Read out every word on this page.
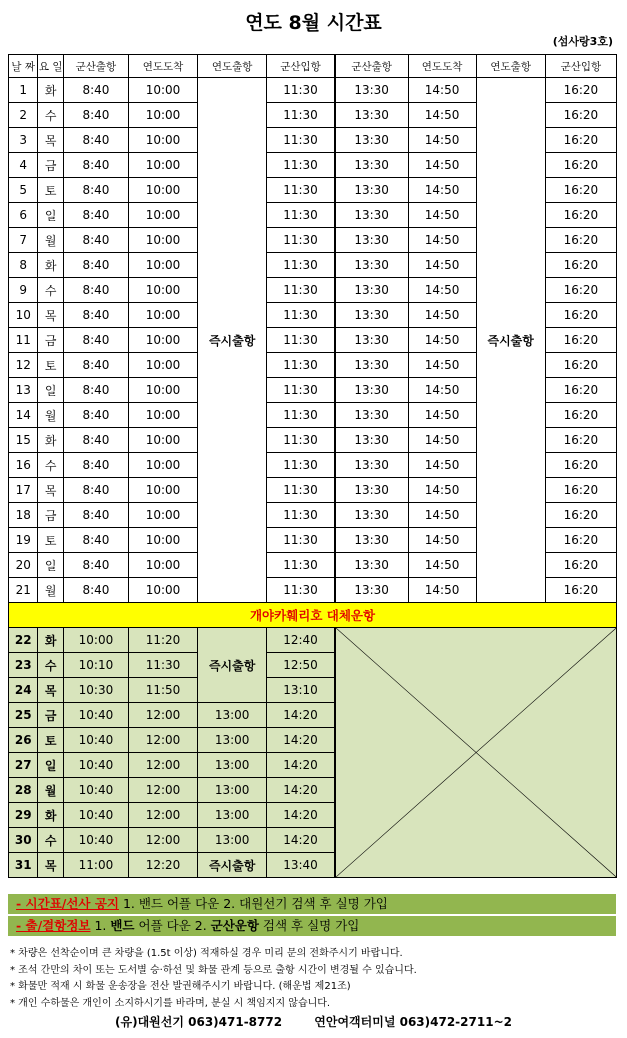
연도 8월 시간표
(섬사랑3호)
날 짜	요 일	군산출항	연도도착	연도출항	군산입항	군산출항	연도도착	연도출항	군산입항
1	화	8:40	10:00	즉시출항	11:30	13:30	14:50	즉시출항	16:20
2	수	8:40	10:00		11:30	13:30	14:50		16:20
3	목	8:40	10:00		11:30	13:30	14:50		16:20
4	금	8:40	10:00		11:30	13:30	14:50		16:20
5	토	8:40	10:00		11:30	13:30	14:50		16:20
6	일	8:40	10:00		11:30	13:30	14:50		16:20
7	월	8:40	10:00		11:30	13:30	14:50		16:20
8	화	8:40	10:00		11:30	13:30	14:50		16:20
9	수	8:40	10:00		11:30	13:30	14:50		16:20
10	목	8:40	10:00		11:30	13:30	14:50		16:20
11	금	8:40	10:00		11:30	13:30	14:50		16:20
12	토	8:40	10:00		11:30	13:30	14:50		16:20
13	일	8:40	10:00		11:30	13:30	14:50		16:20
14	월	8:40	10:00		11:30	13:30	14:50		16:20
15	화	8:40	10:00		11:30	13:30	14:50		16:20
16	수	8:40	10:00		11:30	13:30	14:50		16:20
17	목	8:40	10:00		11:30	13:30	14:50		16:20
18	금	8:40	10:00		11:30	13:30	14:50		16:20
19	토	8:40	10:00		11:30	13:30	14:50		16:20
20	일	8:40	10:00		11:30	13:30	14:50		16:20
21	월	8:40	10:00		11:30	13:30	14:50		16:20
개야카훼리호 대체운항									
22	화	10:00	11:20	즉시출항	12:40	

23	수	10:10	11:30		12:50				
24	목	10:30	11:50		13:10				
25	금	10:40	12:00	13:00	14:20				
26	토	10:40	12:00	13:00	14:20				
27	일	10:40	12:00	13:00	14:20				
28	월	10:40	12:00	13:00	14:20				
29	화	10:40	12:00	13:00	14:20				
30	수	10:40	12:00	13:00	14:20				
31	목	11:00	12:20	즉시출항	13:40				
- 시간표/선사 공지 1. 밴드 어플 다운 2. 대원선기 검색 후 실명 가입
- 출/결항정보 1. 밴드 어플 다운 2. 군산운항 검색 후 실명 가입
* 차량은 선착순이며 큰 차량을 (1.5t 이상) 적재하실 경우 미리 문의 전화주시기 바랍니다.
* 조석 간만의 차이 또는 도서별 승·하선 및 화물 관계 등으로 출항 시간이 변경될 수 있습니다.
* 화물만 적재 시 화물 운송장을 전산 발권해주시기 바랍니다. (해운법 제21조)
* 개인 수하물은 개인이 소지하시기를 바라며, 분실 시 책임지지 않습니다.
(유)대원선기 063)471-8772	연안여객터미널 063)472-2711~2
